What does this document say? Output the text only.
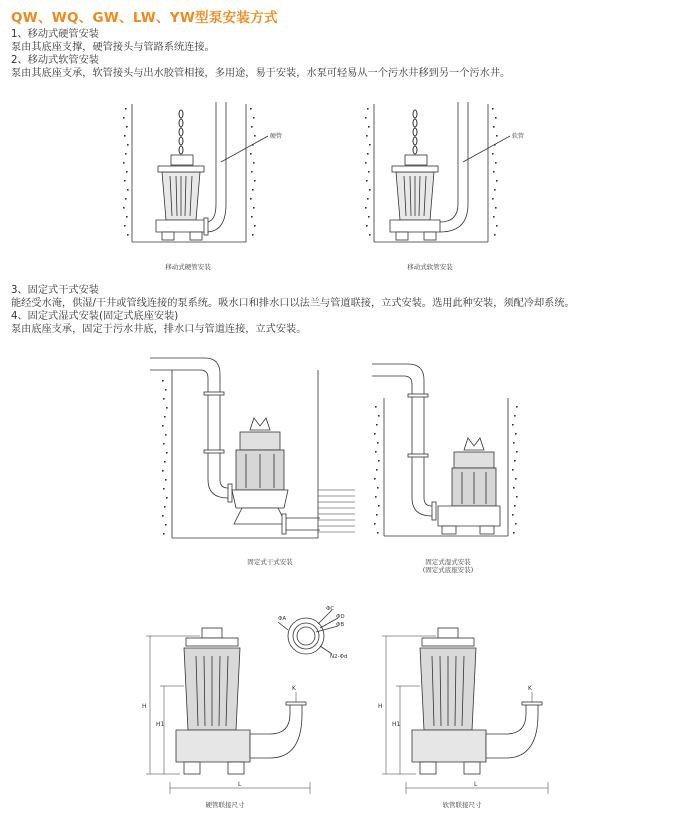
QW、WQ、GW、LW、YW型泵安装方式
1、移动式硬管安装
泵由其底座支撑，硬管接头与管路系统连接。
2、移动式软管安装
泵由其底座支承，软管接头与出水胶管相接，多用途，易于安装，水泵可轻易从一个污水井移到另一个污水井。
3、固定式干式安装
能经受水淹，供湿/干井或管线连接的泵系统。吸水口和排水口以法兰与管道联接，立式安装。选用此种安装，须配冷却系统。
4、固定式湿式安装(固定式底座安装)
泵由底座支承，固定于污水井底，排水口与管道连接，立式安装。
硬管
移动式硬管安装
软管
移动式软管安装
固定式干式安装	固定式湿式安装
(固定式底座安装)
ΦA
ΦC
ΦD
ΦB
N2-Φd
H
H1
L
K
硬管联接尺寸
H
H1
L
K
软管联接尺寸
